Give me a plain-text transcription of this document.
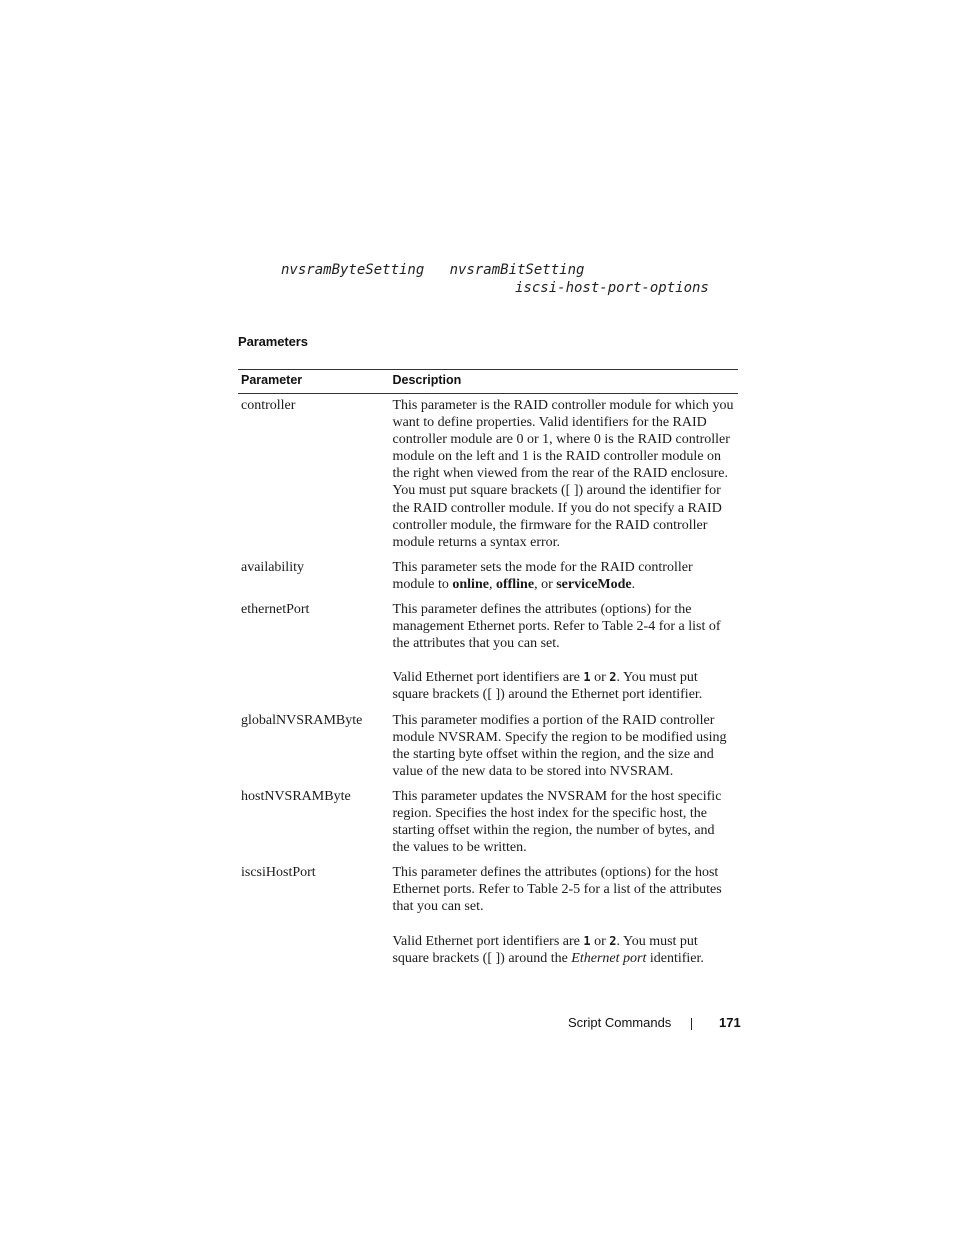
nvsramByteSetting   nvsramBitSetting
iscsi-host-port-options
Parameters
Parameter	Description
controller	This parameter is the RAID controller module for which you want to define properties. Valid identifiers for the RAID controller module are 0 or 1, where 0 is the RAID controller module on the left and 1 is the RAID controller module on the right when viewed from the rear of the RAID enclosure. You must put square brackets ([ ]) around the identifier for the RAID controller module. If you do not specify a RAID controller module, the firmware for the RAID controller module returns a syntax error.

availability	This parameter sets the mode for the RAID controller module to online, offline, or serviceMode.

ethernetPort	This parameter defines the attributes (options) for the management Ethernet ports. Refer to Table 2-4 for a list of the attributes that you can set.

Valid Ethernet port identifiers are 1 or 2. You must put square brackets ([ ]) around the Ethernet port identifier.

globalNVSRAMByte	This parameter modifies a portion of the RAID controller module NVSRAM. Specify the region to be modified using the starting byte offset within the region, and the size and value of the new data to be stored into NVSRAM.

hostNVSRAMByte	This parameter updates the NVSRAM for the host specific region. Specifies the host index for the specific host, the starting offset within the region, the number of bytes, and the values to be written.

iscsiHostPort	This parameter defines the attributes (options) for the host Ethernet ports. Refer to Table 2-5 for a list of the attributes that you can set.

Valid Ethernet port identifiers are 1 or 2. You must put square brackets ([ ]) around the Ethernet port identifier.

Script Commands	171
